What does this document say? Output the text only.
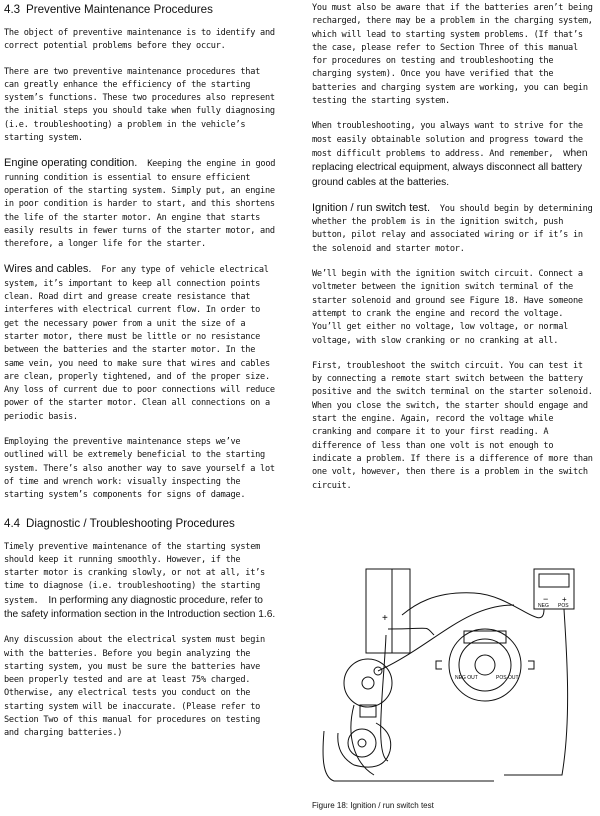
4.3 Preventive Maintenance Procedures

The object of preventive maintenance is to identify and correct potential problems before they occur.

There are two preventive maintenance procedures that can greatly enhance the efficiency of the starting system’s functions. These two procedures also represent the initial steps you should take when fully diagnosing (i.e. troubleshooting) a problem in the vehicle’s starting system.

Engine operating condition. Keeping the engine in good running condition is essential to ensure efficient operation of the starting system. Simply put, an engine in poor condition is harder to start, and this shortens the life of the starter motor. An engine that starts easily results in fewer turns of the starter motor, and therefore, a longer life for the starter.

Wires and cables. For any type of vehicle electrical system, it’s important to keep all connection points clean. Road dirt and grease create resistance that interferes with electrical current flow. In order to get the necessary power from a unit the size of a starter motor, there must be little or no resistance between the batteries and the starter motor. In the same vein, you need to make sure that wires and cables are clean, properly tightened, and of the proper size. Any loss of current due to poor connections will reduce power of the starter motor. Clean all connections on a periodic basis.

Employing the preventive maintenance steps we’ve outlined will be extremely beneficial to the starting system. There’s also another way to save yourself a lot of time and wrench work: visually inspecting the starting system’s components for signs of damage.

4.4 Diagnostic / Troubleshooting Procedures

Timely preventive maintenance of the starting system should keep it running smoothly. However, if the starter motor is cranking slowly, or not at all, it’s time to diagnose (i.e. troubleshooting) the starting system. In performing any diagnostic procedure, refer to the safety information section in the Introduction section 1.6.

Any discussion about the electrical system must begin with the batteries. Before you begin analyzing the starting system, you must be sure the batteries have been properly tested and are at least 75% charged. Otherwise, any electrical tests you conduct on the starting system will be inaccurate. (Please refer to Section Two of this manual for procedures on testing and charging batteries.)

You must also be aware that if the batteries aren’t being recharged, there may be a problem in the charging system, which will lead to starting system problems. (If that’s the case, please refer to Section Three of this manual for procedures on testing and troubleshooting the charging system). Once you have verified that the batteries and charging system are working, you can begin testing the starting system.

When troubleshooting, you always want to strive for the most easily obtainable solution and progress toward the most difficult problems to address. And remember, when replacing electrical equipment, always disconnect all battery ground cables at the batteries.

Ignition / run switch test. You should begin by determining whether the problem is in the ignition switch, push button, pilot relay and associated wiring or if it’s in the solenoid and starter motor.

We’ll begin with the ignition switch circuit. Connect a voltmeter between the ignition switch terminal of the starter solenoid and ground see Figure 18. Have someone attempt to crank the engine and record the voltage. You’ll get either no voltage, low voltage, or normal voltage, with slow cranking or no cranking at all.

First, troubleshoot the switch circuit. You can test it by connecting a remote start switch between the battery positive and the switch terminal on the starter solenoid. When you close the switch, the starter should engage and start the engine. Again, record the voltage while cranking and compare it to your first reading. A difference of less than one volt is not enough to indicate a problem. If there is a difference of more than one volt, however, then there is a problem in the switch circuit.

+
− +
NEG POS
NEG OUT	POS OUT
Figure 18: Ignition / run switch test
